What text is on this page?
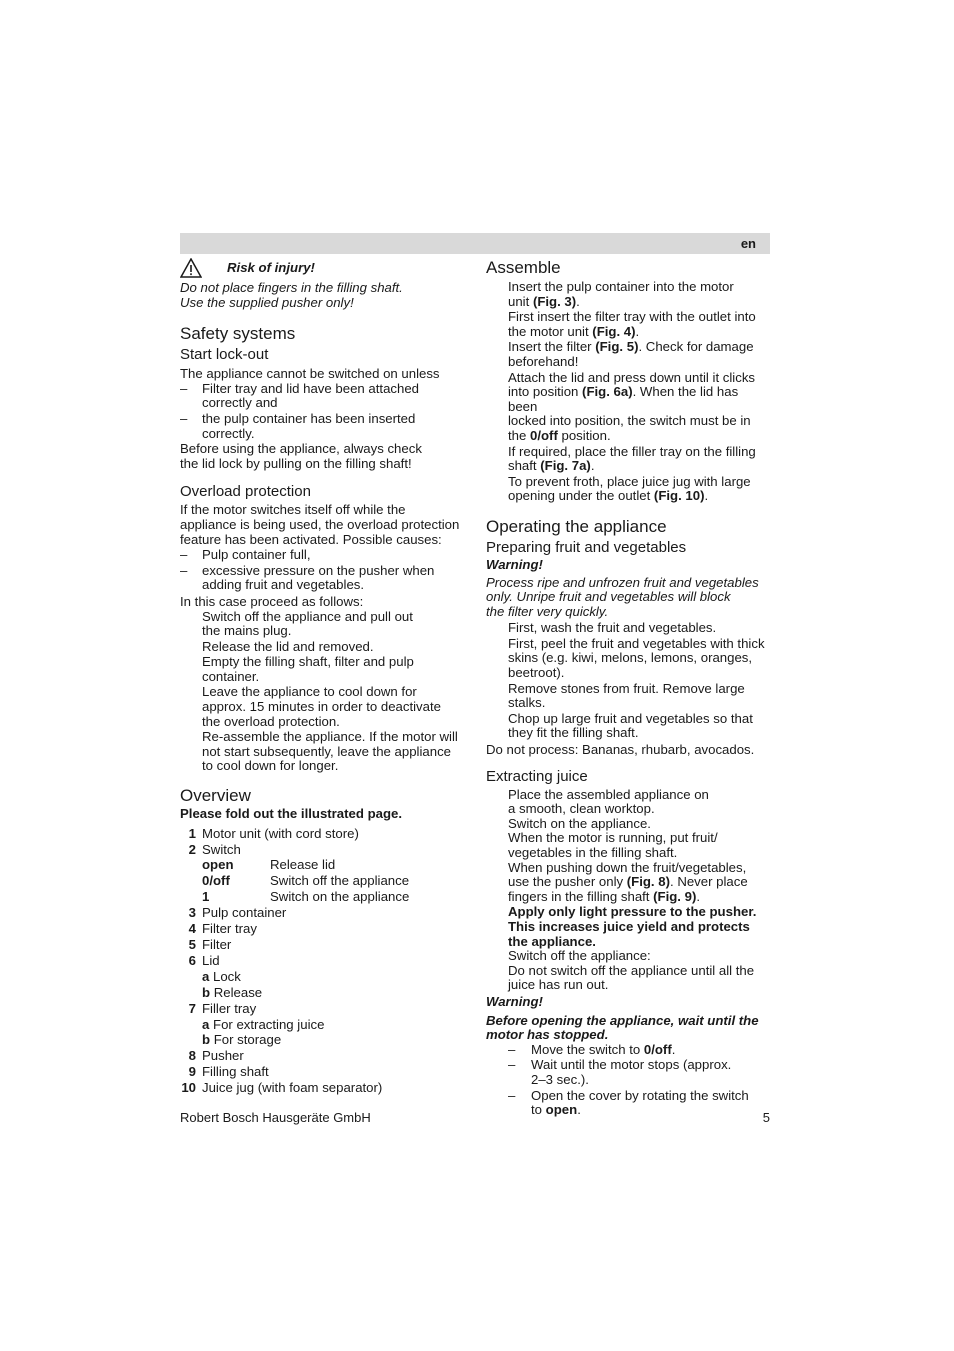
en
Risk of injury!
Do not place fingers in the filling shaft.
Use the supplied pusher only!
Safety systems
Start lock-out
The appliance cannot be switched on unless
– Filter tray and lid have been attached
correctly and
– the pulp container has been inserted
correctly.
Before using the appliance, always check
the lid lock by pulling on the filling shaft!
Overload protection
If the motor switches itself off while the
appliance is being used, the overload protection
feature has been activated. Possible causes:
– Pulp container full,
– excessive pressure on the pusher when
adding fruit and vegetables.
In this case proceed as follows:
Switch off the appliance and pull out
the mains plug.
Release the lid and removed.
Empty the filling shaft, filter and pulp
container.
Leave the appliance to cool down for
approx. 15 minutes in order to deactivate
the overload protection.
Re-assemble the appliance. If the motor will
not start subsequently, leave the appliance
to cool down for longer.
Overview
Please fold out the illustrated page.
1 Motor unit (with cord store)
2 Switch
open	Release lid
0/off	Switch off the appliance
1	Switch on the appliance
3 Pulp container
4 Filter tray
5 Filter
6 Lid
a Lock
b Release
7 Filler tray
a For extracting juice
b For storage
8 Pusher
9 Filling shaft
10 Juice jug (with foam separator)
Assemble
Insert the pulp container into the motor
unit (Fig. 3).
First insert the filter tray with the outlet into
the motor unit (Fig. 4).
Insert the filter (Fig. 5). Check for damage
beforehand!
Attach the lid and press down until it clicks
into position (Fig. 6a). When the lid has been
locked into position, the switch must be in
the 0/off position.
If required, place the filler tray on the filling
shaft (Fig. 7a).
To prevent froth, place juice jug with large
opening under the outlet (Fig. 10).
Operating the appliance
Preparing fruit and vegetables
Warning!
Process ripe and unfrozen fruit and vegetables
only. Unripe fruit and vegetables will block
the filter very quickly.
First, wash the fruit and vegetables.
First, peel the fruit and vegetables with thick
skins (e.g. kiwi, melons, lemons, oranges,
beetroot).
Remove stones from fruit. Remove large
stalks.
Chop up large fruit and vegetables so that
they fit the filling shaft.
Do not process: Bananas, rhubarb, avocados.
Extracting juice
Place the assembled appliance on
a smooth, clean worktop.
Switch on the appliance.
When the motor is running, put fruit/
vegetables in the filling shaft.
When pushing down the fruit/vegetables,
use the pusher only (Fig. 8). Never place
fingers in the filling shaft (Fig. 9).
Apply only light pressure to the pusher.
This increases juice yield and protects
the appliance.
Switch off the appliance:
Do not switch off the appliance until all the
juice has run out.
Warning!
Before opening the appliance, wait until the
motor has stopped.
– Move the switch to 0/off.
– Wait until the motor stops (approx.
2–3 sec.).
– Open the cover by rotating the switch
to open.
Robert Bosch Hausgeräte GmbH	5
